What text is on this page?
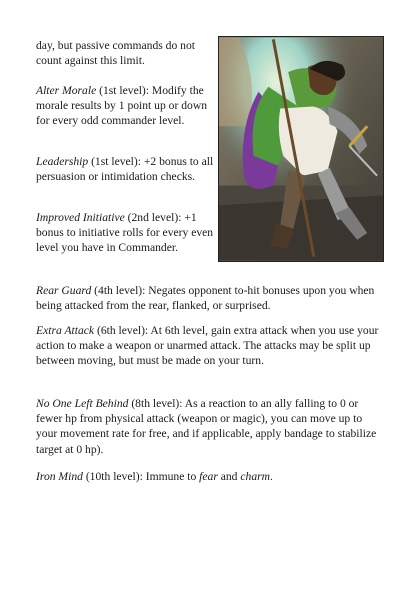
day, but passive commands do not count against this limit.

Alter Morale (1st level): Modify the morale results by 1 point up or down for every odd commander level.

Leadership (1st level): +2 bonus to all persuasion or intimidation checks.

Improved Initiative (2nd level): +1 bonus to initiative rolls for every even level you have in Commander.

Rear Guard (4th level): Negates opponent to-hit bonuses upon you when being attacked from the rear, flanked, or surprised.

Extra Attack (6th level): At 6th level, gain extra attack when you use your action to make a weapon or unarmed attack. The attacks may be split up between moving, but must be made on your turn.

No One Left Behind (8th level): As a reaction to an ally falling to 0 or fewer hp from physical attack (weapon or magic), you can move up to your movement rate for free, and if applicable, apply bandage to stabilize target at 0 hp).

Iron Mind (10th level): Immune to fear and charm.
